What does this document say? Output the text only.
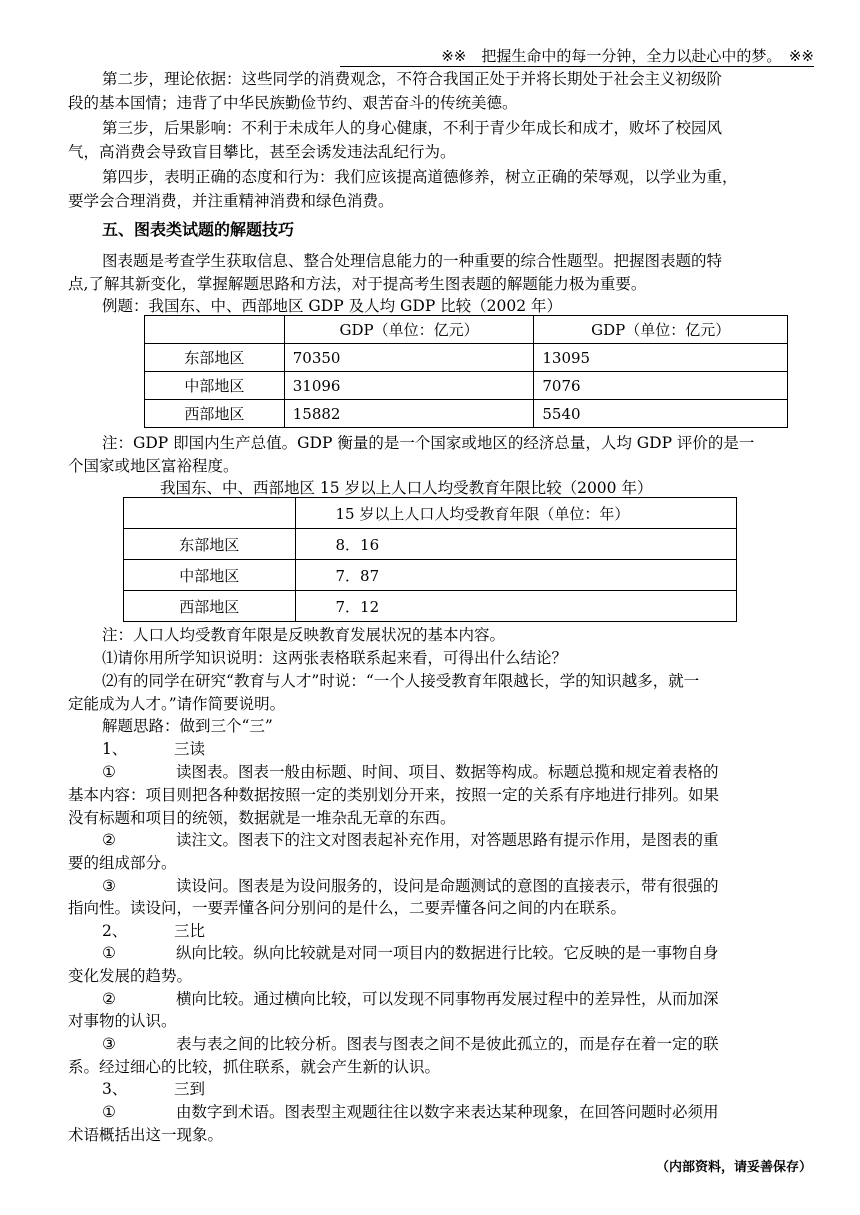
※※　把握生命中的每一分钟，全力以赴心中的梦。　※※
第二步，理论依据：这些同学的消费观念，不符合我国正处于并将长期处于社会主义初级阶
段的基本国情；违背了中华民族勤俭节约、艰苦奋斗的传统美德。
第三步，后果影响：不利于未成年人的身心健康，不利于青少年成长和成才，败坏了校园风
气，高消费会导致盲目攀比，甚至会诱发违法乱纪行为。
第四步，表明正确的态度和行为：我们应该提高道德修养，树立正确的荣辱观，以学业为重，
要学会合理消费，并注重精神消费和绿色消费。
五、图表类试题的解题技巧
图表题是考查学生获取信息、整合处理信息能力的一种重要的综合性题型。把握图表题的特
点,了解其新变化，掌握解题思路和方法，对于提高考生图表题的解题能力极为重要。
例题：我国东、中、西部地区 GDP 及人均 GDP 比较（2002 年）
	GDP（单位：亿元）	GDP（单位：亿元）
东部地区	70350	13095
中部地区	31096	7076
西部地区	15882	5540
注：GDP 即国内生产总值。GDP 衡量的是一个国家或地区的经济总量，人均 GDP 评价的是一
个国家或地区富裕程度。
我国东、中、西部地区 15 岁以上人口人均受教育年限比较（2000 年）
	15 岁以上人口人均受教育年限（单位：年）
东部地区	8．16
中部地区	7．87
西部地区	7．12
注：人口人均受教育年限是反映教育发展状况的基本内容。
⑴请你用所学知识说明：这两张表格联系起来看，可得出什么结论？
⑵有的同学在研究“教育与人才”时说：“一个人接受教育年限越长，学的知识越多，就一
定能成为人才。”请作简要说明。
解题思路：做到三个“三”
1、	三读
①	读图表。图表一般由标题、时间、项目、数据等构成。标题总揽和规定着表格的
基本内容：项目则把各种数据按照一定的类别划分开来，按照一定的关系有序地进行排列。如果
没有标题和项目的统领，数据就是一堆杂乱无章的东西。
②	读注文。图表下的注文对图表起补充作用，对答题思路有提示作用，是图表的重
要的组成部分。
③	读设问。图表是为设问服务的，设问是命题测试的意图的直接表示，带有很强的
指向性。读设问，一要弄懂各问分别问的是什么，二要弄懂各问之间的内在联系。
2、	三比
①	纵向比较。纵向比较就是对同一项目内的数据进行比较。它反映的是一事物自身
变化发展的趋势。
②	横向比较。通过横向比较，可以发现不同事物再发展过程中的差异性，从而加深
对事物的认识。
③	表与表之间的比较分析。图表与图表之间不是彼此孤立的，而是存在着一定的联
系。经过细心的比较，抓住联系，就会产生新的认识。
3、	三到
①	由数字到术语。图表型主观题往往以数字来表达某种现象，在回答问题时必须用
术语概括出这一现象。
（内部资料，请妥善保存）
